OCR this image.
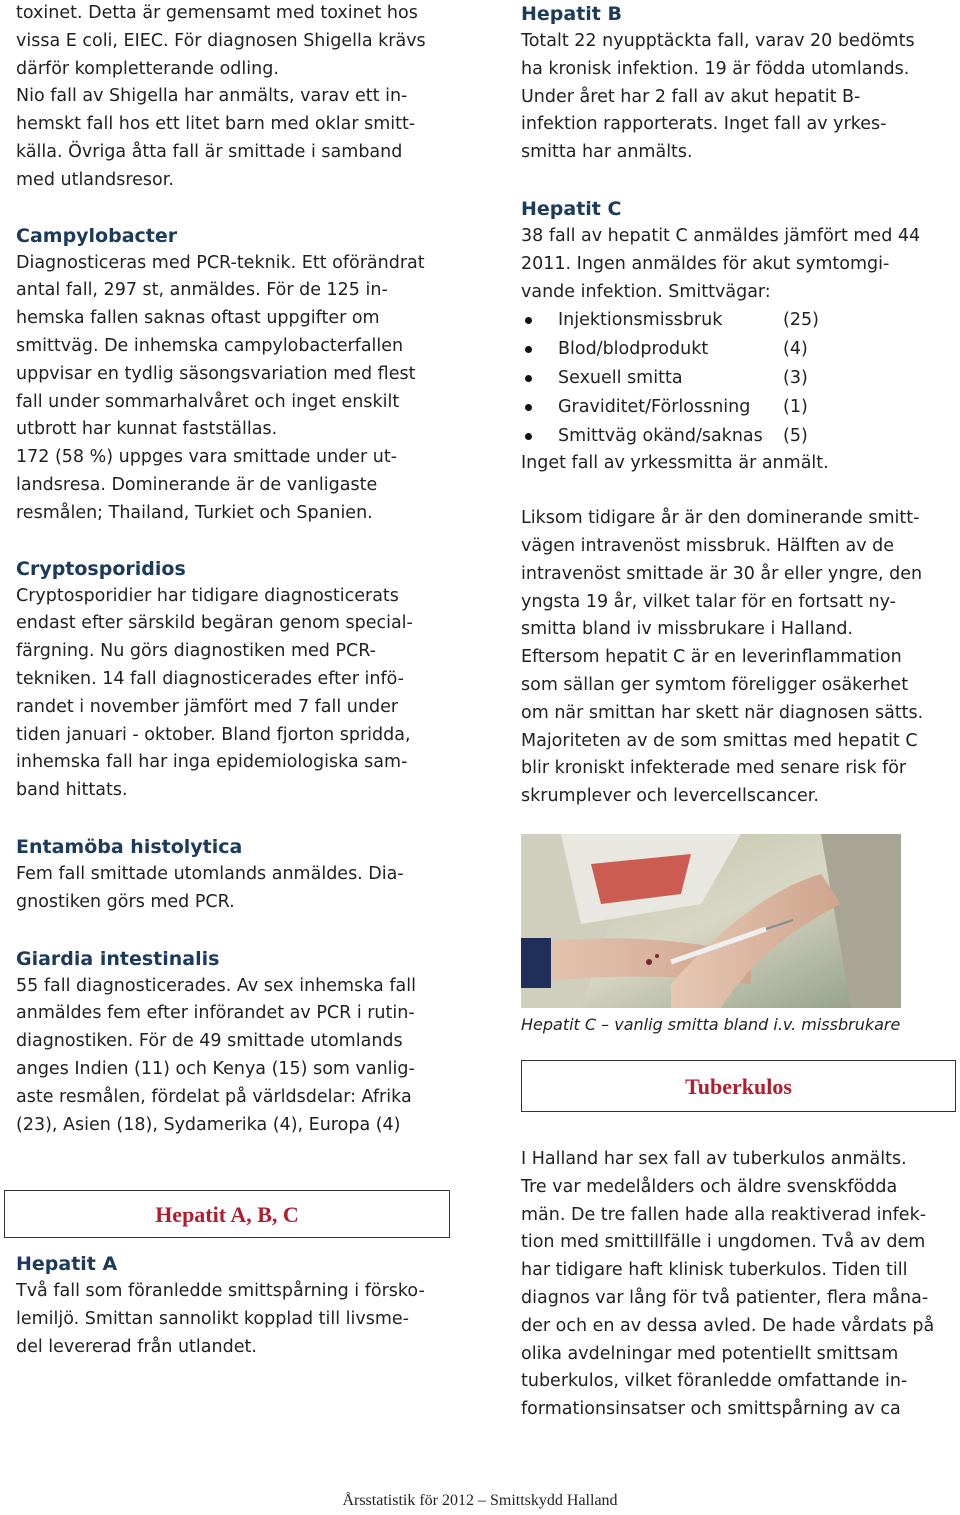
toxinet. Detta är gemensamt med toxinet hos
vissa E coli, EIEC. För diagnosen Shigella krävs
därför kompletterande odling.
Nio fall av Shigella har anmälts, varav ett in-
hemskt fall hos ett litet barn med oklar smitt-
källa. Övriga åtta fall är smittade i samband
med utlandsresor.
Campylobacter
Diagnosticeras med PCR-teknik. Ett oförändrat
antal fall, 297 st, anmäldes. För de 125 in-
hemska fallen saknas oftast uppgifter om
smittväg. De inhemska campylobacterfallen
uppvisar en tydlig säsongsvariation med flest
fall under sommarhalvåret och inget enskilt
utbrott har kunnat fastställas.
172 (58 %) uppges vara smittade under ut-
landsresa. Dominerande är de vanligaste
resmålen; Thailand, Turkiet och Spanien.
Cryptosporidios
Cryptosporidier har tidigare diagnosticerats
endast efter särskild begäran genom special-
färgning. Nu görs diagnostiken med PCR-
tekniken. 14 fall diagnosticerades efter infö-
randet i november jämfört med 7 fall under
tiden januari - oktober. Bland fjorton spridda,
inhemska fall har inga epidemiologiska sam-
band hittats.
Entamöba histolytica
Fem fall smittade utomlands anmäldes. Dia-
gnostiken görs med PCR.
Giardia intestinalis
55 fall diagnosticerades. Av sex inhemska fall
anmäldes fem efter införandet av PCR i rutin-
diagnostiken. För de 49 smittade utomlands
anges Indien (11) och Kenya (15) som vanlig-
aste resmålen, fördelat på världsdelar: Afrika
(23), Asien (18), Sydamerika (4), Europa (4)
Hepatit A, B, C
Hepatit A
Två fall som föranledde smittspårning i försko-
lemiljö. Smittan sannolikt kopplad till livsme-
del levererad från utlandet.
Hepatit B
Totalt 22 nyupptäckta fall, varav 20 bedömts
ha kronisk infektion. 19 är födda utomlands.
Under året har 2 fall av akut hepatit B-
infektion rapporterats. Inget fall av yrkes-
smitta har anmälts.
Hepatit C
38 fall av hepatit C anmäldes jämfört med 44
2011. Ingen anmäldes för akut symtomgi-
vande infektion. Smittvägar:
Injektionsmissbruk	(25)
Blod/blodprodukt	(4)
Sexuell smitta	(3)
Graviditet/Förlossning (1)
Smittväg okänd/saknas (5)
Inget fall av yrkessmitta är anmält.
Liksom tidigare år är den dominerande smitt-
vägen intravenöst missbruk. Hälften av de
intravenöst smittade är 30 år eller yngre, den
yngsta 19 år, vilket talar för en fortsatt ny-
smitta bland iv missbrukare i Halland.
Eftersom hepatit C är en leverinflammation
som sällan ger symtom föreligger osäkerhet
om när smittan har skett när diagnosen sätts.
Majoriteten av de som smittas med hepatit C
blir kroniskt infekterade med senare risk för
skrumplever och levercellscancer.
Hepatit C – vanlig smitta bland i.v. missbrukare
Tuberkulos
I Halland har sex fall av tuberkulos anmälts.
Tre var medelålders och äldre svenskfödda
män. De tre fallen hade alla reaktiverad infek-
tion med smittillfälle i ungdomen. Två av dem
har tidigare haft klinisk tuberkulos. Tiden till
diagnos var lång för två patienter, flera måna-
der och en av dessa avled. De hade vårdats på
olika avdelningar med potentiellt smittsam
tuberkulos, vilket föranledde omfattande in-
formationsinsatser och smittspårning av ca
Årsstatistik för 2012 – Smittskydd Halland
